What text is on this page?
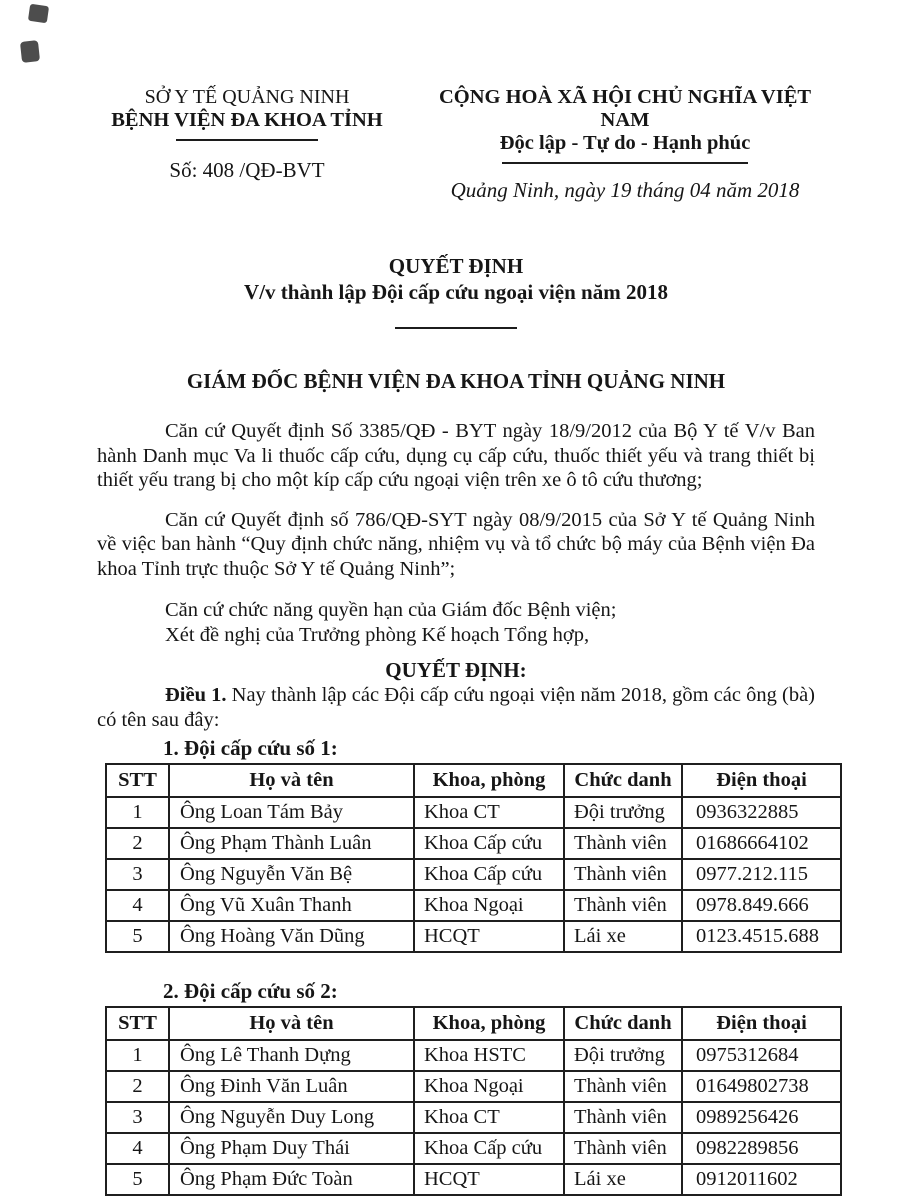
SỞ Y TẾ QUẢNG NINH
BỆNH VIỆN ĐA KHOA TỈNH
Số: 408 /QĐ-BVT
CỘNG HOÀ XÃ HỘI CHỦ NGHĨA VIỆT NAM
Độc lập - Tự do - Hạnh phúc
Quảng Ninh, ngày 19 tháng 04 năm 2018
QUYẾT ĐỊNH
V/v thành lập Đội cấp cứu ngoại viện năm 2018
GIÁM ĐỐC BỆNH VIỆN ĐA KHOA TỈNH QUẢNG NINH

Căn cứ Quyết định Số 3385/QĐ - BYT ngày 18/9/2012 của Bộ Y tế V/v Ban hành Danh mục Va li thuốc cấp cứu, dụng cụ cấp cứu, thuốc thiết yếu và trang thiết bị thiết yếu trang bị cho một kíp cấp cứu ngoại viện trên xe ô tô cứu thương;

Căn cứ Quyết định số 786/QĐ-SYT ngày 08/9/2015 của Sở Y tế Quảng Ninh về việc ban hành “Quy định chức năng, nhiệm vụ và tổ chức bộ máy của Bệnh viện Đa khoa Tỉnh trực thuộc Sở Y tế Quảng Ninh”;

Căn cứ chức năng quyền hạn của Giám đốc Bệnh viện;
Xét đề nghị của Trưởng phòng Kế hoạch Tổng hợp,
QUYẾT ĐỊNH:

Điều 1. Nay thành lập các Đội cấp cứu ngoại viện năm 2018, gồm các ông (bà) có tên sau đây:

1. Đội cấp cứu số 1:
STT	Họ và tên	Khoa, phòng	Chức danh	Điện thoại
1	Ông Loan Tám Bảy	Khoa CT	Đội trưởng	0936322885
2	Ông Phạm Thành Luân	Khoa Cấp cứu	Thành viên	01686664102
3	Ông Nguyễn Văn Bệ	Khoa Cấp cứu	Thành viên	0977.212.115
4	Ông Vũ Xuân Thanh	Khoa Ngoại	Thành viên	0978.849.666
5	Ông Hoàng Văn Dũng	HCQT	Lái xe	0123.4515.688
2. Đội cấp cứu số 2:
STT	Họ và tên	Khoa, phòng	Chức danh	Điện thoại
1	Ông Lê Thanh Dựng	Khoa HSTC	Đội trưởng	0975312684
2	Ông Đinh Văn Luân	Khoa Ngoại	Thành viên	01649802738
3	Ông Nguyễn Duy Long	Khoa CT	Thành viên	0989256426
4	Ông Phạm Duy Thái	Khoa Cấp cứu	Thành viên	0982289856
5	Ông Phạm Đức Toàn	HCQT	Lái xe	0912011602
